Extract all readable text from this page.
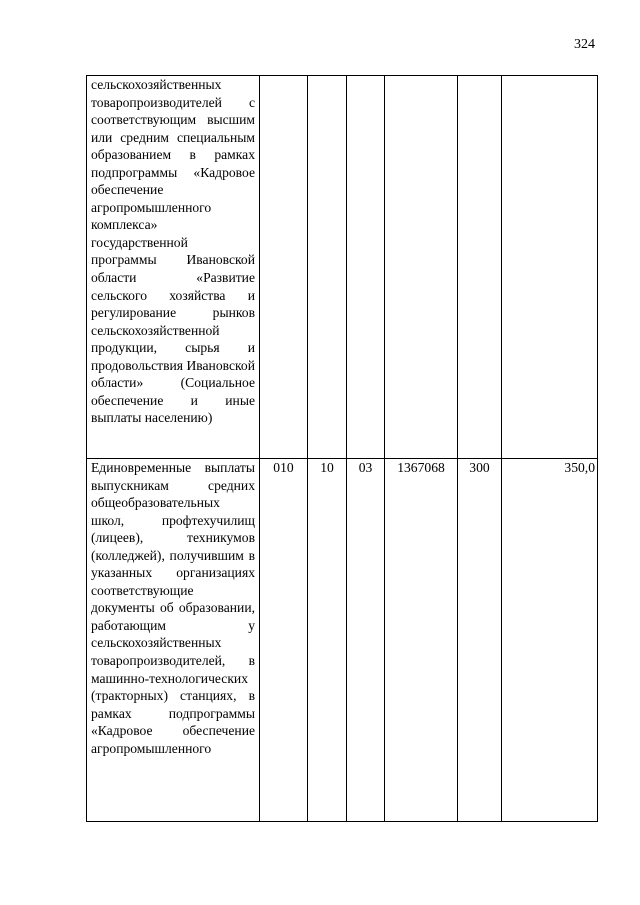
324
сельскохозяйственных товаропроизводителей с соответствующим высшим или средним специальным образованием в рамках подпрограммы «Кадровое обеспечение агропромышленного комплекса» государственной программы Ивановской области «Развитие сельского хозяйства и регулирование рынков сельскохозяйственной продукции, сырья и продовольствия Ивановской области» (Социальное обеспечение и иные выплаты населению)						

Единовременные выплаты выпускникам средних общеобразовательных школ, профтехучилищ (лицеев), техникумов (колледжей), получившим в указанных организациях соответствующие документы об образовании, работающим у сельскохозяйственных товаропроизводителей, в машинно-технологических (тракторных) станциях, в рамках подпрограммы «Кадровое обеспечение агропромышленного	010	10	03	1367068	300	350,0
